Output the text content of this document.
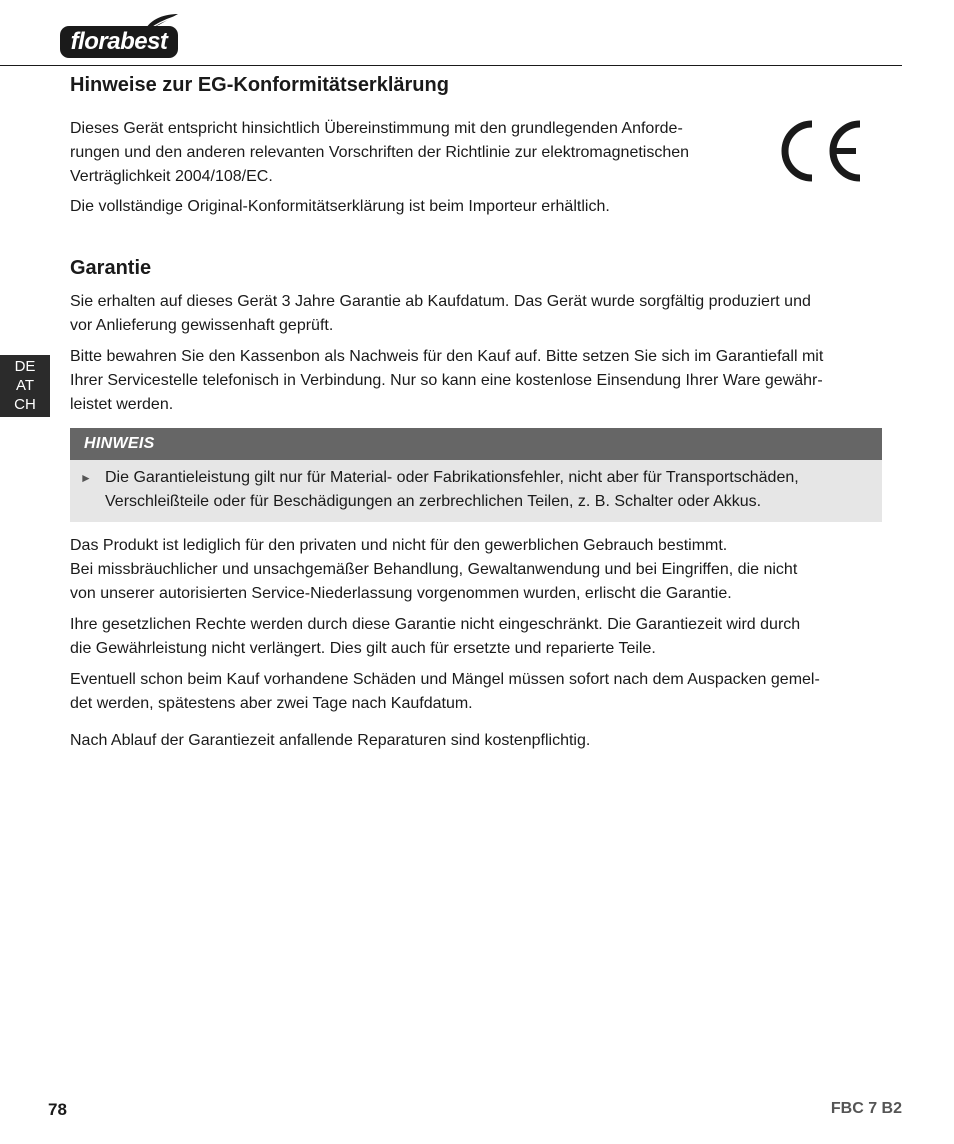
florabest
Hinweise zur EG-Konformitätserklärung

Dieses Gerät entspricht hinsichtlich Übereinstimmung mit den grundlegenden Anforde-
rungen und den anderen relevanten Vorschriften der Richtlinie zur elektromagnetischen
Verträglichkeit 2004/108/EC.

Die vollständige Original-Konformitätserklärung ist beim Importeur erhältlich.

DE
AT
CH
Garantie

Sie erhalten auf dieses Gerät 3 Jahre Garantie ab Kaufdatum. Das Gerät wurde sorgfältig produziert und
vor Anlieferung gewissenhaft geprüft.

Bitte bewahren Sie den Kassenbon als Nachweis für den Kauf auf. Bitte setzen Sie sich im Garantiefall mit
Ihrer Servicestelle telefonisch in Verbindung. Nur so kann eine kostenlose Einsendung Ihrer Ware gewähr-
leistet werden.

HINWEIS
► Die Garantieleistung gilt nur für Material- oder Fabrikationsfehler, nicht aber für Transportschäden,
Verschleißteile oder für Beschädigungen an zerbrechlichen Teilen, z. B. Schalter oder Akkus.

Das Produkt ist lediglich für den privaten und nicht für den gewerblichen Gebrauch bestimmt.
Bei missbräuchlicher und unsachgemäßer Behandlung, Gewaltanwendung und bei Eingriffen, die nicht
von unserer autorisierten Service-Niederlassung vorgenommen wurden, erlischt die Garantie.

Ihre gesetzlichen Rechte werden durch diese Garantie nicht eingeschränkt. Die Garantiezeit wird durch
die Gewährleistung nicht verlängert. Dies gilt auch für ersetzte und reparierte Teile.

Eventuell schon beim Kauf vorhandene Schäden und Mängel müssen sofort nach dem Auspacken gemel-
det werden, spätestens aber zwei Tage nach Kaufdatum.

Nach Ablauf der Garantiezeit anfallende Reparaturen sind kostenpflichtig.

78	FBC 7 B2
